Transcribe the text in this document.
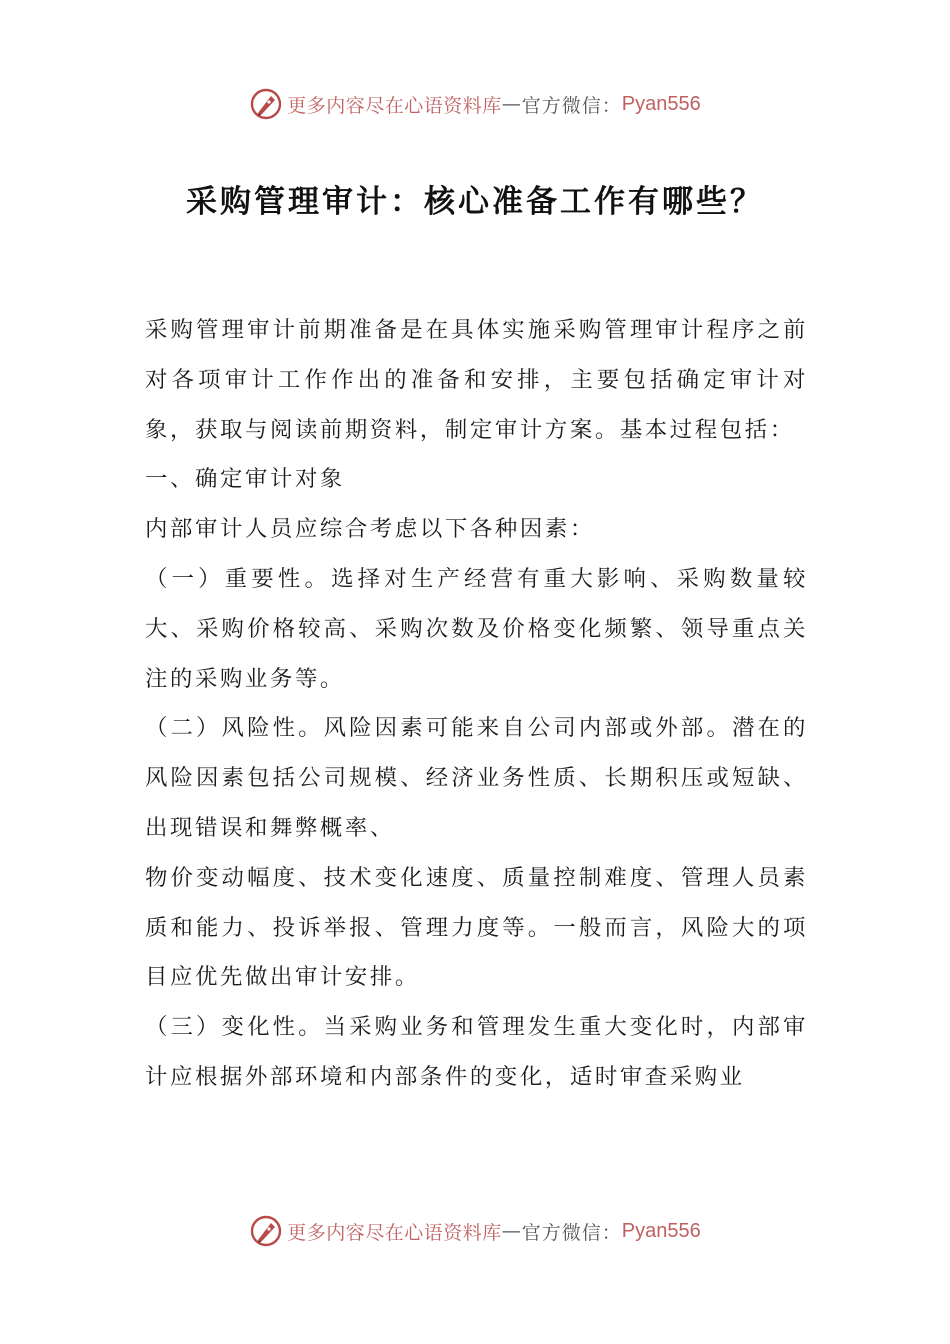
更多内容尽在心语资料库 — 官方微信： Pyan556
采购管理审计：核心准备工作有哪些？

采购管理审计前期准备是在具体实施采购管理审计程序之前对各项审计工作作出的准备和安排，主要包括确定审计对象，获取与阅读前期资料，制定审计方案。基本过程包括：

一、确定审计对象

内部审计人员应综合考虑以下各种因素：

（一）重要性。选择对生产经营有重大影响、采购数量较大、采购价格较高、采购次数及价格变化频繁、领导重点关注的采购业务等。

（二）风险性。风险因素可能来自公司内部或外部。潜在的风险因素包括公司规模、经济业务性质、长期积压或短缺、出现错误和舞弊概率、

物价变动幅度、技术变化速度、质量控制难度、管理人员素质和能力、投诉举报、管理力度等。一般而言，风险大的项目应优先做出审计安排。

（三）变化性。当采购业务和管理发生重大变化时，内部审计应根据外部环境和内部条件的变化，适时审查采购业

更多内容尽在心语资料库 — 官方微信： Pyan556
